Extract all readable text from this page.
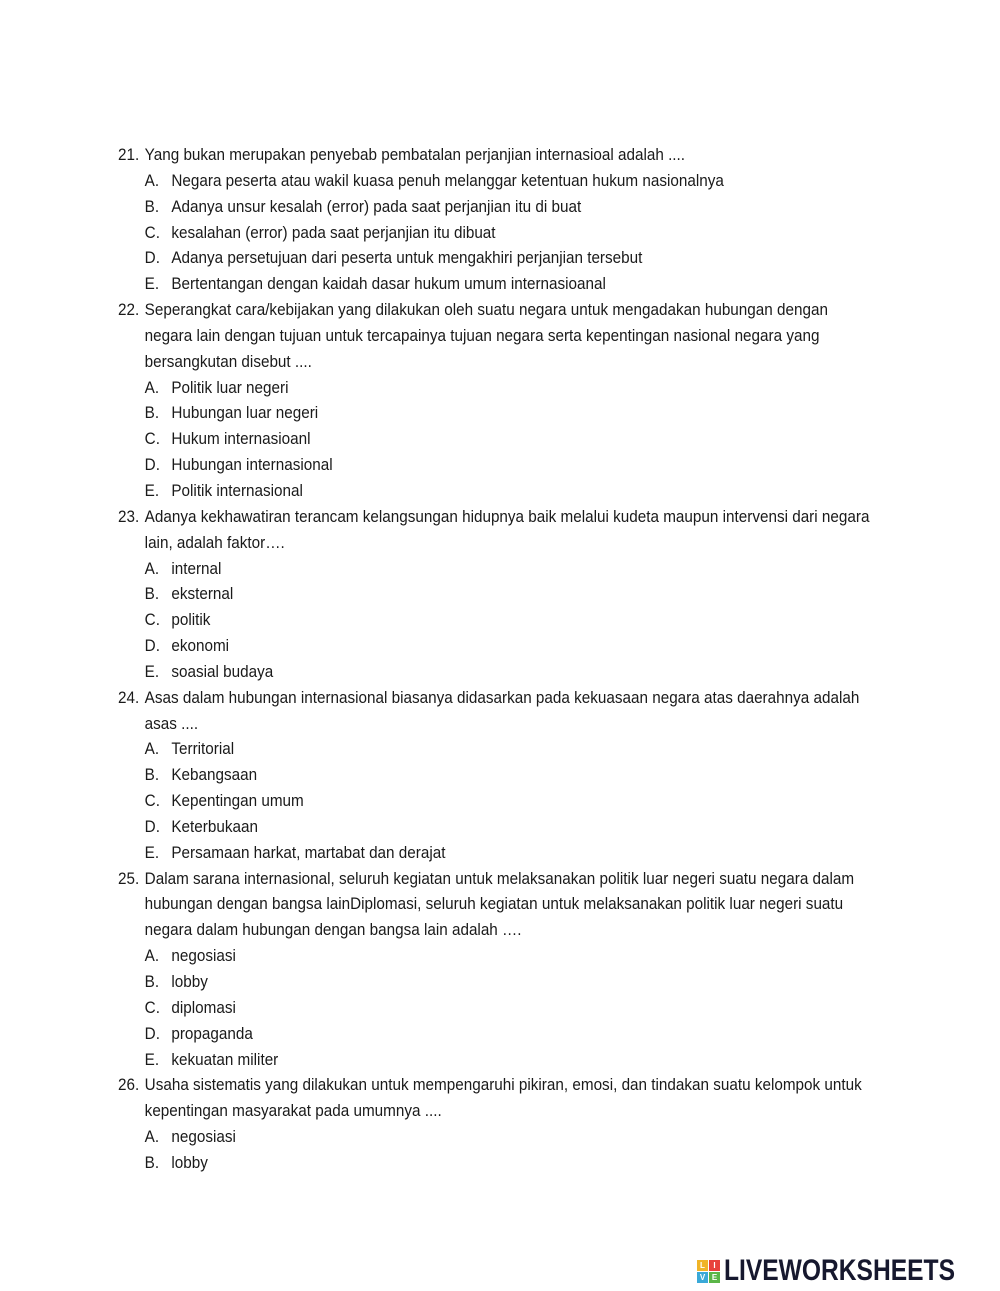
21. Yang bukan merupakan penyebab pembatalan perjanjian internasioal adalah ....
A. Negara peserta atau wakil kuasa penuh melanggar ketentuan hukum nasionalnya
B. Adanya unsur kesalah (error) pada saat perjanjian itu di buat
C. kesalahan (error) pada saat perjanjian itu dibuat
D. Adanya persetujuan dari peserta untuk mengakhiri perjanjian tersebut
E. Bertentangan dengan kaidah dasar hukum umum internasioanal
22. Seperangkat cara/kebijakan yang dilakukan oleh suatu negara untuk mengadakan hubungan dengan negara lain dengan tujuan untuk tercapainya tujuan negara serta kepentingan nasional negara yang bersangkutan disebut ....
A. Politik luar negeri
B. Hubungan luar negeri
C. Hukum internasioanl
D. Hubungan internasional
E. Politik internasional
23. Adanya kekhawatiran terancam kelangsungan hidupnya baik melalui kudeta maupun intervensi dari negara lain, adalah faktor….
A. internal
B. eksternal
C. politik
D. ekonomi
E. soasial budaya
24. Asas dalam hubungan internasional biasanya didasarkan pada kekuasaan negara atas daerahnya adalah asas ....
A. Territorial
B. Kebangsaan
C. Kepentingan umum
D. Keterbukaan
E. Persamaan harkat, martabat dan derajat
25. Dalam sarana internasional, seluruh kegiatan untuk melaksanakan politik luar negeri suatu negara dalam hubungan dengan bangsa lainDiplomasi, seluruh kegiatan untuk melaksanakan politik luar negeri suatu negara dalam hubungan dengan bangsa lain adalah ….
A. negosiasi
B. lobby
C. diplomasi
D. propaganda
E. kekuatan militer
26. Usaha sistematis yang dilakukan untuk mempengaruhi pikiran, emosi, dan tindakan suatu kelompok untuk kepentingan masyarakat pada umumnya ....
A. negosiasi
B. lobby
L	I
V E LIVEWORKSHEETS
